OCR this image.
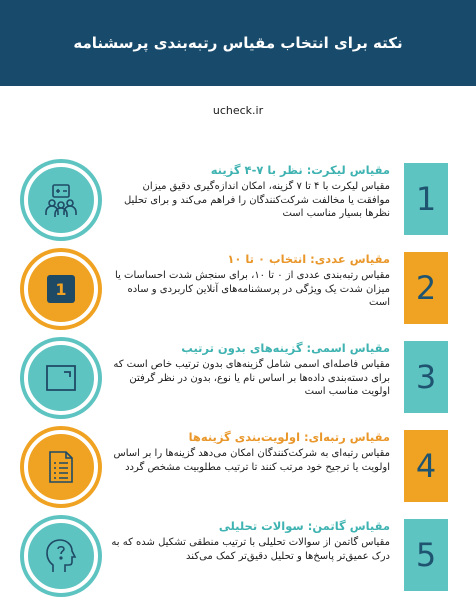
نکته برای انتخاب مقیاس رتبه‌بندی پرسشنامه
ucheck.ir
مقیاس لیکرت: نظر با ۷-۴ گزینه
مقیاس لیکرت با ۴ تا ۷ گزینه، امکان اندازه‌گیری دقیق میزان موافقت یا مخالفت شرکت‌کنندگان را فراهم می‌کند و برای تحلیل نظرها بسیار مناسب است 1
1
مقیاس عددی: انتخاب ۰ تا ۱۰
مقیاس رتبه‌بندی عددی از ۰ تا ۱۰، برای سنجش شدت احساسات یا میزان شدت یک ویژگی در پرسشنامه‌های آنلاین کاربردی و ساده است 2
مقیاس اسمی: گزینه‌های بدون ترتیب
مقیاس فاصله‌ای اسمی شامل گزینه‌های بدون ترتیب خاص است که برای دسته‌بندی داده‌ها بر اساس نام یا نوع، بدون در نظر گرفتن اولویت مناسب است 3
مقیاس رتبه‌ای: اولویت‌بندی گزینه‌ها
مقیاس رتبه‌ای به شرکت‌کنندگان امکان می‌دهد گزینه‌ها را بر اساس اولویت یا ترجیح خود مرتب کنند تا ترتیب مطلوبیت مشخص گردد 4
مقیاس گاتمن: سوالات تحلیلی
مقیاس گاتمن از سوالات تحلیلی با ترتیب منطقی تشکیل شده که به درک عمیق‌تر پاسخ‌ها و تحلیل دقیق‌تر کمک می‌کند 5
